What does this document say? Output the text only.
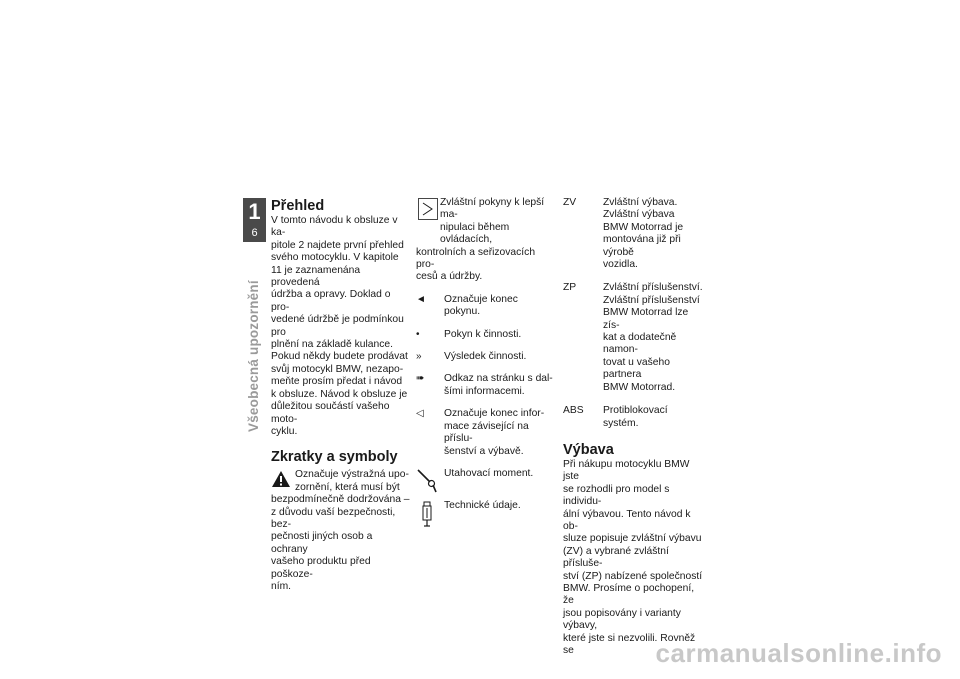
1
6
Všeobecná upozornění
Přehled

V tomto návodu k obsluze v ka-

pitole 2 najdete první přehled

svého motocyklu. V kapitole

11 je zaznamenána provedená

údržba a opravy. Doklad o pro-

vedené údržbě je podmínkou pro

plnění na základě kulance.

Pokud někdy budete prodávat

svůj motocykl BMW, nezapo-

meňte prosím předat i návod

k obsluze. Návod k obsluze je

důležitou součástí vašeho moto-

cyklu.

Zkratky a symboly

Označuje výstražná upo-

zornění, která musí být

bezpodmínečně dodržována –

z důvodu vaší bezpečnosti, bez-

pečnosti jiných osob a ochrany

vašeho produktu před poškoze-

ním.

Zvláštní pokyny k lepší ma-

nipulaci během ovládacích,

kontrolních a seřizovacích pro-

cesů a údržby.

◄	Označuje konec pokynu.

•	Pokyn k činnosti.

»	Výsledek činnosti.

➠	Odkaz na stránku s dal-

šími informacemi.

◁	Označuje konec infor-

mace závisející na příslu-

šenství a výbavě.

Utahovací moment.
Technické údaje.
ZV	Zvláštní výbava.

Zvláštní výbava

BMW Motorrad je

montována již při výrobě

vozidla.

ZP	Zvláštní příslušenství.

Zvláštní příslušenství

BMW Motorrad lze zís-

kat a dodatečně namon-

tovat u vašeho partnera

BMW Motorrad.

ABS Protiblokovací systém.

Výbava

Při nákupu motocyklu BMW jste

se rozhodli pro model s individu-

ální výbavou. Tento návod k ob-

sluze popisuje zvláštní výbavu

(ZV) a vybrané zvláštní přísluše-

ství (ZP) nabízené společností

BMW. Prosíme o pochopení, že

jsou popisovány i varianty výbavy,

které jste si nezvolili. Rovněž se	carmanualsonline.info
